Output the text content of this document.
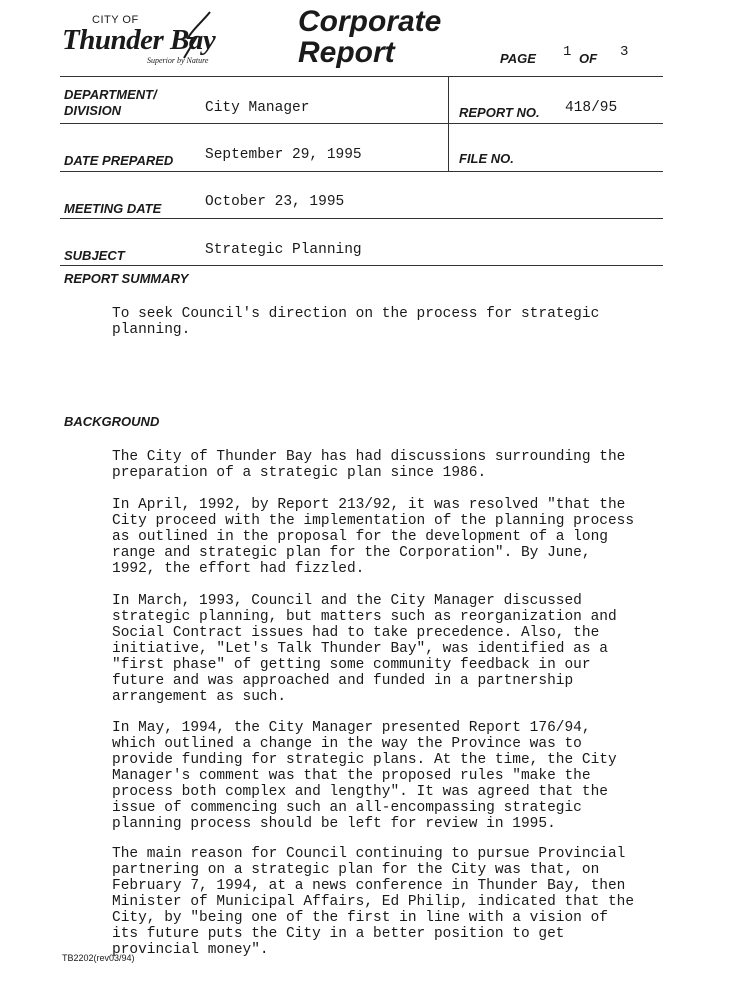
CITY OF
Thunder Bay
Superior by Nature
Corporate
Report	PAGE 1 OF 3
DEPARTMENT/
DIVISION	City Manager	REPORT NO. 418/95
DATE PREPARED September 29, 1995	FILE NO.
MEETING DATE	October 23, 1995
SUBJECT	Strategic Planning
REPORT SUMMARY
To seek Council's direction on the process for strategic
planning.
BACKGROUND
The City of Thunder Bay has had discussions surrounding the
preparation of a strategic plan since 1986.
In April, 1992, by Report 213/92, it was resolved "that the
City proceed with the implementation of the planning process
as outlined in the proposal for the development of a long
range and strategic plan for the Corporation". By June,
1992, the effort had fizzled.
In March, 1993, Council and the City Manager discussed
strategic planning, but matters such as reorganization and
Social Contract issues had to take precedence. Also, the
initiative, "Let's Talk Thunder Bay", was identified as a
"first phase" of getting some community feedback in our
future and was approached and funded in a partnership
arrangement as such.
In May, 1994, the City Manager presented Report 176/94,
which outlined a change in the way the Province was to
provide funding for strategic plans. At the time, the City
Manager's comment was that the proposed rules "make the
process both complex and lengthy". It was agreed that the
issue of commencing such an all-encompassing strategic
planning process should be left for review in 1995.
The main reason for Council continuing to pursue Provincial
partnering on a strategic plan for the City was that, on
February 7, 1994, at a news conference in Thunder Bay, then
Minister of Municipal Affairs, Ed Philip, indicated that the
City, by "being one of the first in line with a vision of
its future puts the City in a better position to get
provincial money".
TB2202(rev03/94)
